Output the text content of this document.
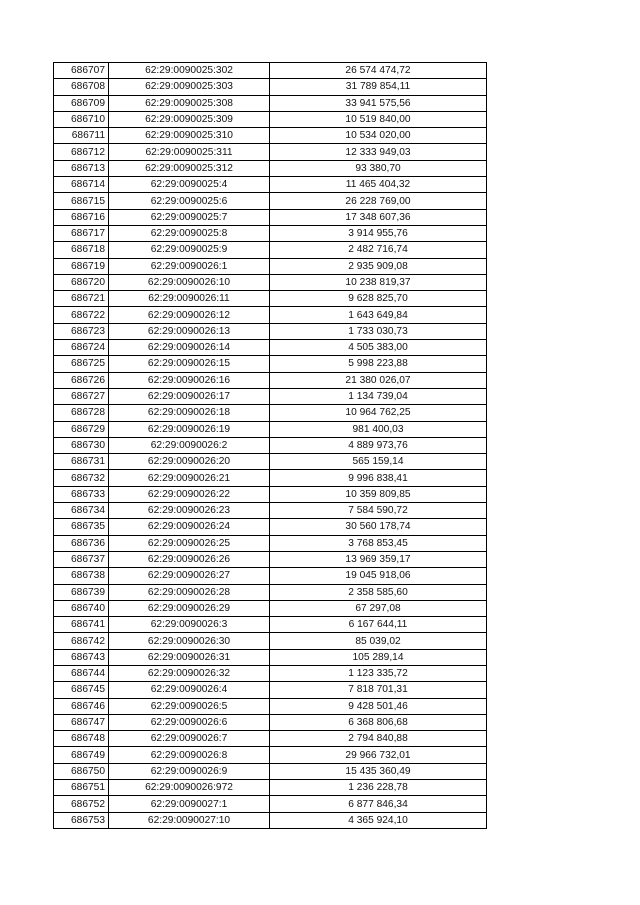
686707	62:29:0090025:302	26 574 474,72
686708	62:29:0090025:303	31 789 854,11
686709	62:29:0090025:308	33 941 575,56
686710	62:29:0090025:309	10 519 840,00
686711	62:29:0090025:310	10 534 020,00
686712	62:29:0090025:311	12 333 949,03
686713	62:29:0090025:312	93 380,70
686714	62:29:0090025:4	11 465 404,32
686715	62:29:0090025:6	26 228 769,00
686716	62:29:0090025:7	17 348 607,36
686717	62:29:0090025:8	3 914 955,76
686718	62:29:0090025:9	2 482 716,74
686719	62:29:0090026:1	2 935 909,08
686720	62:29:0090026:10	10 238 819,37
686721	62:29:0090026:11	9 628 825,70
686722	62:29:0090026:12	1 643 649,84
686723	62:29:0090026:13	1 733 030,73
686724	62:29:0090026:14	4 505 383,00
686725	62:29:0090026:15	5 998 223,88
686726	62:29:0090026:16	21 380 026,07
686727	62:29:0090026:17	1 134 739,04
686728	62:29:0090026:18	10 964 762,25
686729	62:29:0090026:19	981 400,03
686730	62:29:0090026:2	4 889 973,76
686731	62:29:0090026:20	565 159,14
686732	62:29:0090026:21	9 996 838,41
686733	62:29:0090026:22	10 359 809,85
686734	62:29:0090026:23	7 584 590,72
686735	62:29:0090026:24	30 560 178,74
686736	62:29:0090026:25	3 768 853,45
686737	62:29:0090026:26	13 969 359,17
686738	62:29:0090026:27	19 045 918,06
686739	62:29:0090026:28	2 358 585,60
686740	62:29:0090026:29	67 297,08
686741	62:29:0090026:3	6 167 644,11
686742	62:29:0090026:30	85 039,02
686743	62:29:0090026:31	105 289,14
686744	62:29:0090026:32	1 123 335,72
686745	62:29:0090026:4	7 818 701,31
686746	62:29:0090026:5	9 428 501,46
686747	62:29:0090026:6	6 368 806,68
686748	62:29:0090026:7	2 794 840,88
686749	62:29:0090026:8	29 966 732,01
686750	62:29:0090026:9	15 435 360,49
686751	62:29:0090026:972	1 236 228,78
686752	62:29:0090027:1	6 877 846,34
686753	62:29:0090027:10	4 365 924,10
